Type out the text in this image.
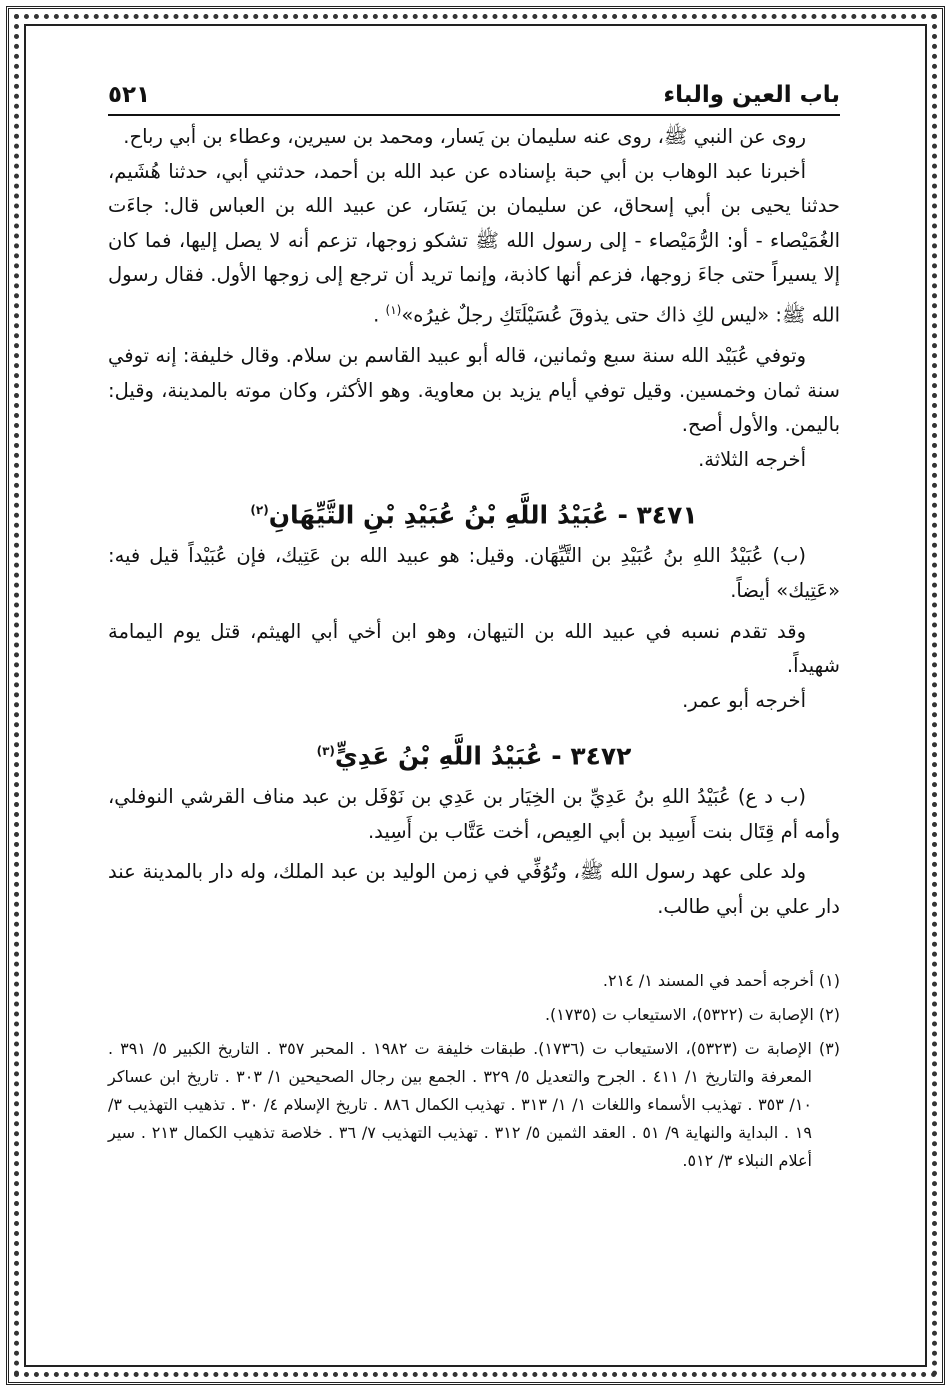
باب العين والباء
٥٢١

روى عن النبي ﷺ، روى عنه سليمان بن يَسار، ومحمد بن سيرين، وعطاء بن أبي رباح.

أخبرنا عبد الوهاب بن أبي حبة بإسناده عن عبد الله بن أحمد، حدثني أبي، حدثنا هُشَيم، حدثنا يحيى بن أبي إسحاق، عن سليمان بن يَسَار، عن عبيد الله بن العباس قال: جاءَت الغُمَيْصاء - أو: الرُّمَيْصاء - إلى رسول الله ﷺ تشكو زوجها، تزعم أنه لا يصل إليها، فما كان إلا يسيراً حتى جاءَ زوجها، فزعم أنها كاذبة، وإنما تريد أن ترجع إلى زوجها الأول. فقال رسول الله ﷺ: «ليس لكِ ذاك حتى يذوقَ عُسَيْلَتَكِ رجلٌ غيرُه»$^{(١)}$ .

وتوفي عُبَيْد الله سنة سبع وثمانين، قاله أبو عبيد القاسم بن سلام. وقال خليفة: إنه توفي سنة ثمان وخمسين. وقيل توفي أيام يزيد بن معاوية. وهو الأكثر، وكان موته بالمدينة، وقيل: باليمن. والأول أصح.

أخرجه الثلاثة.

٣٤٧١ - عُبَيْدُ اللَّهِ بْنُ عُبَيْدِ بْنِ التَّيِّهَانِ$^{(٢)}$

(ب) عُبَيْدُ اللهِ بنُ عُبَيْدِ بن التَّيِّهَان. وقيل: هو عبيد الله بن عَتِيك، فإن عُبَيْداً قيل فيه: «عَتِيك» أيضاً.

وقد تقدم نسبه في عبيد الله بن التيهان، وهو ابن أخي أبي الهيثم، قتل يوم اليمامة شهيداً.

أخرجه أبو عمر.

٣٤٧٢ - عُبَيْدُ اللَّهِ بْنُ عَدِيٍّ$^{(٣)}$

(ب د ع) عُبَيْدُ اللهِ بنُ عَدِيِّ بن الخِيَار بن عَدِي بن نَوْفَل بن عبد مناف القرشي النوفلي، وأمه أم قِتَال بنت أَسِيد بن أبي العِيص، أخت عَتَّاب بن أَسِيد.

ولد على عهد رسول الله ﷺ، وتُوُفِّي في زمن الوليد بن عبد الملك، وله دار بالمدينة عند دار علي بن أبي طالب.

(١) أخرجه أحمد في المسند ١/ ٢١٤.

(٢) الإصابة ت (٥٣٢٢)، الاستيعاب ت (١٧٣٥).

(٣) الإصابة ت (٥٣٢٣)، الاستيعاب ت (١٧٣٦). طبقات خليفة ت ١٩٨٢ . المحبر ٣٥٧ . التاريخ الكبير ٥/ ٣٩١ . المعرفة والتاريخ ١/ ٤١١ . الجرح والتعديل ٥/ ٣٢٩ . الجمع بين رجال الصحيحين ١/ ٣٠٣ . تاريخ ابن عساكر ١٠/ ٣٥٣ . تهذيب الأسماء واللغات ١/ ١/ ٣١٣ . تهذيب الكمال ٨٨٦ . تاريخ الإسلام ٤/ ٣٠ . تذهيب التهذيب ٣/ ١٩ . البداية والنهاية ٩/ ٥١ . العقد الثمين ٥/ ٣١٢ . تهذيب التهذيب ٧/ ٣٦ . خلاصة تذهيب الكمال ٢١٣ . سير أعلام النبلاء ٣/ ٥١٢.
